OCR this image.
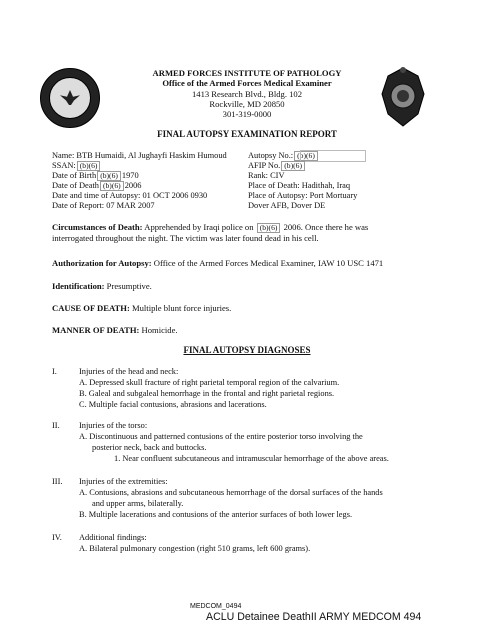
ARMED FORCES INSTITUTE OF PATHOLOGY
Office of the Armed Forces Medical Examiner
1413 Research Blvd., Bldg. 102
Rockville, MD 20850
301-319-0000
FINAL AUTOPSY EXAMINATION REPORT
Name: BTB Humaidi, Al Jughayfi Haskim Humoud	Autopsy No.: (b)(6)
SSAN: (b)(6)	AFIP No. (b)(6)
Date of Birth (b)(6) 1970	Rank: CIV
Date of Death (b)(6) 2006	Place of Death: Hadithah, Iraq
Date and time of Autopsy: 01 OCT 2006 0930	Place of Autopsy: Port Mortuary
Date of Report: 07 MAR 2007	Dover AFB, Dover DE
Circumstances of Death: Apprehended by Iraqi police on (b)(6) 2006. Once there he was
interrogated throughout the night. The victim was later found dead in his cell.
Authorization for Autopsy: Office of the Armed Forces Medical Examiner, IAW 10 USC 1471
Identification: Presumptive.
CAUSE OF DEATH: Multiple blunt force injuries.
MANNER OF DEATH: Homicide.
FINAL AUTOPSY DIAGNOSES
I.	Injuries of the head and neck:
A. Depressed skull fracture of right parietal temporal region of the calvarium.
B. Galeal and subgaleal hemorrhage in the frontal and right parietal regions.
C. Multiple facial contusions, abrasions and lacerations.
II. Injuries of the torso:
A. Discontinuous and patterned contusions of the entire posterior torso involving the
posterior neck, back and buttocks.
1. Near confluent subcutaneous and intramuscular hemorrhage of the above areas.
III. Injuries of the extremities:
A. Contusions, abrasions and subcutaneous hemorrhage of the dorsal surfaces of the hands
and upper arms, bilaterally.
B. Multiple lacerations and contusions of the anterior surfaces of both lower legs.
IV. Additional findings:
A. Bilateral pulmonary congestion (right 510 grams, left 600 grams).
MEDCOM_0494
ACLU Detainee DeathII ARMY MEDCOM 494
